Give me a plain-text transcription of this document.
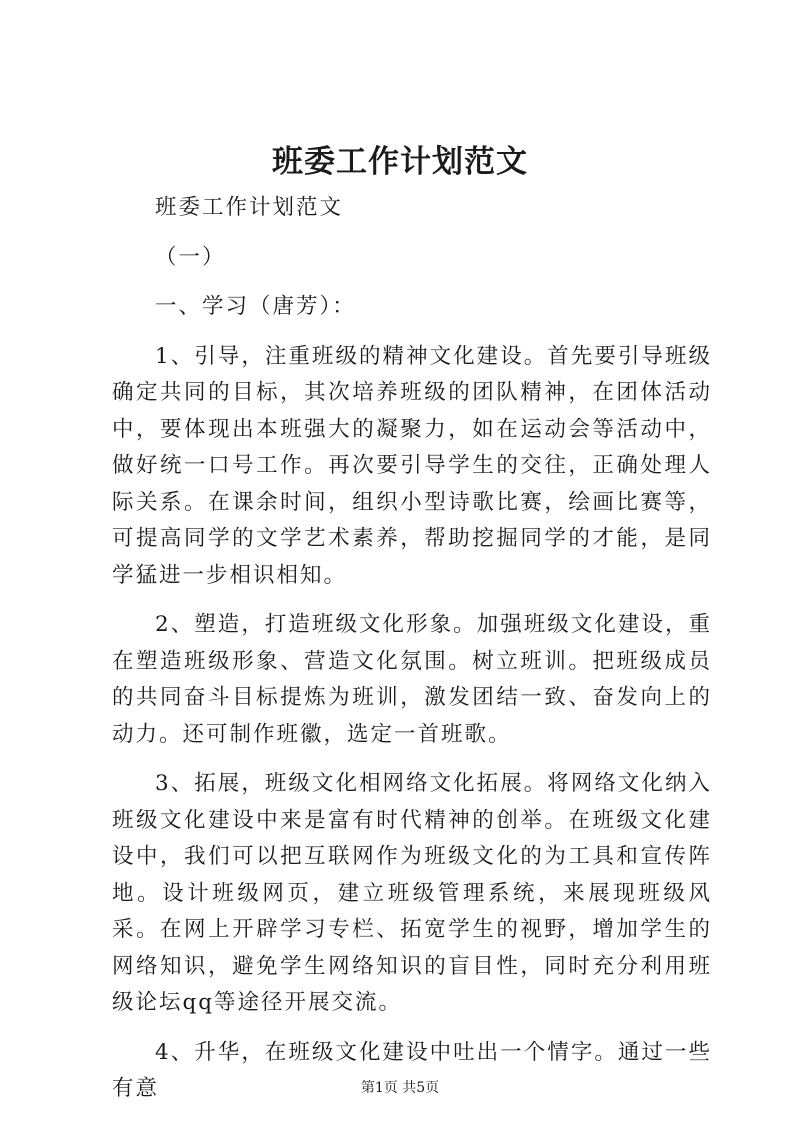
班委工作计划范文

班委工作计划范文

（一）

一、学习（唐芳）：

1、引导，注重班级的精神文化建设。首先要引导班级确定共同的目标，其次培养班级的团队精神，在团体活动中，要体现出本班强大的凝聚力，如在运动会等活动中，做好统一口号工作。再次要引导学生的交往，正确处理人际关系。在课余时间，组织小型诗歌比赛，绘画比赛等，可提高同学的文学艺术素养，帮助挖掘同学的才能，是同学猛进一步相识相知。

2、塑造，打造班级文化形象。加强班级文化建设，重在塑造班级形象、营造文化氛围。树立班训。把班级成员的共同奋斗目标提炼为班训，激发团结一致、奋发向上的动力。还可制作班徽，选定一首班歌。

3、拓展，班级文化相网络文化拓展。将网络文化纳入班级文化建设中来是富有时代精神的创举。在班级文化建设中，我们可以把互联网作为班级文化的为工具和宣传阵地。设计班级网页，建立班级管理系统，来展现班级风采。在网上开辟学习专栏、拓宽学生的视野，增加学生的网络知识，避免学生网络知识的盲目性，同时充分利用班级论坛qq等途径开展交流。

4、升华，在班级文化建设中吐出一个情字。通过一些有意	第1页 共5页
